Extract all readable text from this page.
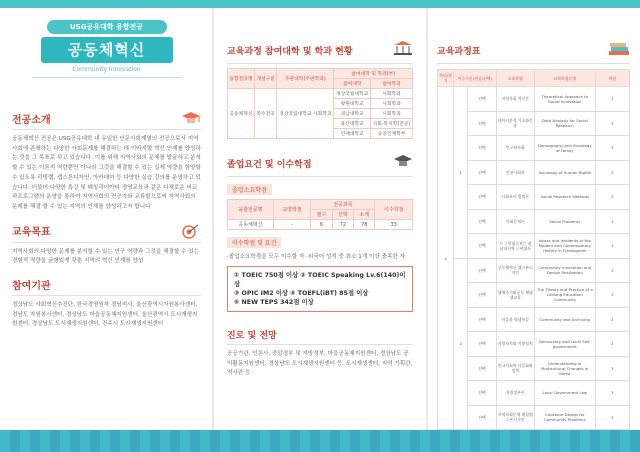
USG공유대학 융합전공
공동체혁신
Community Innovation
전공소개

공동체혁신 전공은 USG공유대학 내 유일한 인문사회계열의 전공으로서 지역사회에 존재하는 다양한 사회문제를 해결하는 데 이바지할 혁신 인재를 양성하는 것을 그 목표로 하고 있습니다. 이를 위해 지역사회의 문제를 발굴하고 분석할 수 있는 이론적 역량뿐만 아니라 그것을 해결할 수 있는 실제 역량을 함양할 수 있도록 리빙랩, 캡스톤디자인, 아카데미 등 다양한 실습 강의를 운영하고 있습니다. 더불어 다양한 특강 및 매칭리더아티 경영교육과 같은 다채로운 비교과프로그램의 운영을 통하여 지역사회의 전공가와 교류할으로써 지역사회의 문제를 해결 할 수 있는 지역의 인재를 양성하고자 합니다

교육목표

지역사회의 다양한 문제를 분석할 수 있는 연구 역량과 그것을 해결할 수 있는 경험적 역량을 균형있게 갖춘 지역의 혁신 인재를 양성

참여기관

경상남도 사회혁신추진단, 한국경영원자 경남지사, 울산광역시자원봉사센터, 경남도 자원봉사센터, 경상남도 마을공동체지원센터, 울산광역시 도시재생지원센터, 경상남도 도시재생지원센터, 진주시 도시재생지원센터

교육과정 참여대학 및 학과 현황
융합전공명	개설구분	주관대학(주관학과)	참여대학 및 학과(부)	
			참여대학	참여학과
공동체혁신	복수전공	경상국립대학교 사회학과	경상국립대학교	사회학과
			창원대학교	사회학과
			경남대학교	사회학과
			울산대학교	사회·복지학(전공)
			인제대학교	공공인재학부
졸업요건 및 이수학점
졸업소요학점
융합전공명	교양학점	전공과목			이수학점
		필수	선택	소계	
공동체혁신	-	6	72	78	33
이수학점 및 요건

·졸업소요학점을 모두 이수할 자 ·외국어 성적 중 최소 1개 이상 충족한 자

① TOEIC 750점 이상 ② TOEIC Speaking Lv.6(140)이상
③ OPIC IM2 이상 ④ TOEFL(iBT) 85점 이상
⑤ NEW TEPS 342점 이상
진로 및 전망

공공기관, 언론사, 중앙정부 및 지방정부, 마을공동체지원센터, 경상남도 공익활동지원센터, 경상남도 도시재생지원센터 등, 도시재생센터, 지역 기획관, 역사관 등

교육과정표
학년/학기	이수구분(전공/선택)		교과목명	교과목영문명	학점
4	1	선택	지역사회 혁신론	Theoretical Approach to Social Innovation	3
		선택	데이터분석 기초와응용	Data Analysis for Social Research	3
		선택	인구와사회	Demography and Sociology of Family	3
		선택	인권사회학	Sociology of Human Rights	3
		선택	사회조사 방법론	Social Research Methods	3
		선택	사회문제론	Social Problems	3
		선택	시 근현대로보는 정남과지역 근현대사	Issues and Incidents of the Modern and Contemporary History in Gyeongnam	3
	2	선택	공동체혁신 캡스톤디자인	Community Innovation and Design Realization	3
		선택	생애주기와공동 체평생교육	The Theory and Practice of a Lifelong Education Community	3
		선택	마을과 평생학습	Community and Archiving	3
		선택	지방자치와 지방정치	Democracy and Local Self-government	3
		선택	한국사회의 다문화와정책	Understanding of Multicultural Changes in Korea	3
		선택	지방정부론	Local Government Law	3
		선택	지역사회문제 해결캡스톤디자인	Capstone Design for Community Problems	3
